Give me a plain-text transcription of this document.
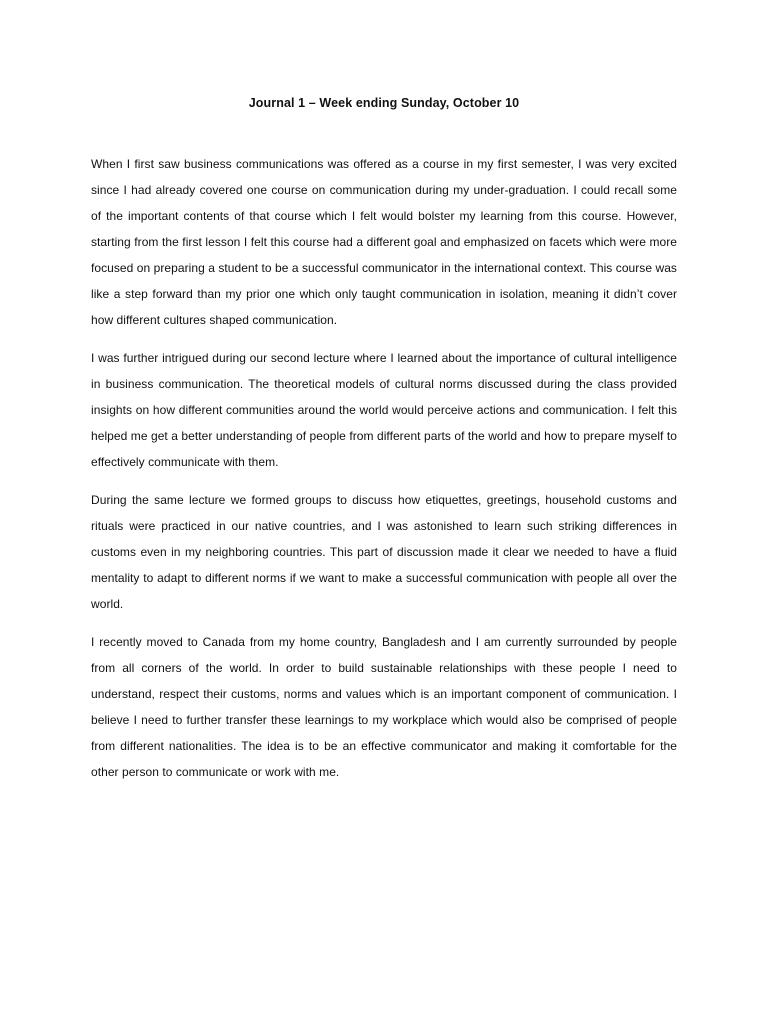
Journal 1 – Week ending Sunday, October 10

When I first saw business communications was offered as a course in my first semester, I was very excited since I had already covered one course on communication during my under-graduation. I could recall some of the important contents of that course which I felt would bolster my learning from this course. However, starting from the first lesson I felt this course had a different goal and emphasized on facets which were more focused on preparing a student to be a successful communicator in the international context. This course was like a step forward than my prior one which only taught communication in isolation, meaning it didn’t cover how different cultures shaped communication.

I was further intrigued during our second lecture where I learned about the importance of cultural intelligence in business communication. The theoretical models of cultural norms discussed during the class provided insights on how different communities around the world would perceive actions and communication. I felt this helped me get a better understanding of people from different parts of the world and how to prepare myself to effectively communicate with them.

During the same lecture we formed groups to discuss how etiquettes, greetings, household customs and rituals were practiced in our native countries, and I was astonished to learn such striking differences in customs even in my neighboring countries. This part of discussion made it clear we needed to have a fluid mentality to adapt to different norms if we want to make a successful communication with people all over the world.

I recently moved to Canada from my home country, Bangladesh and I am currently surrounded by people from all corners of the world. In order to build sustainable relationships with these people I need to understand, respect their customs, norms and values which is an important component of communication. I believe I need to further transfer these learnings to my workplace which would also be comprised of people from different nationalities. The idea is to be an effective communicator and making it comfortable for the other person to communicate or work with me.
